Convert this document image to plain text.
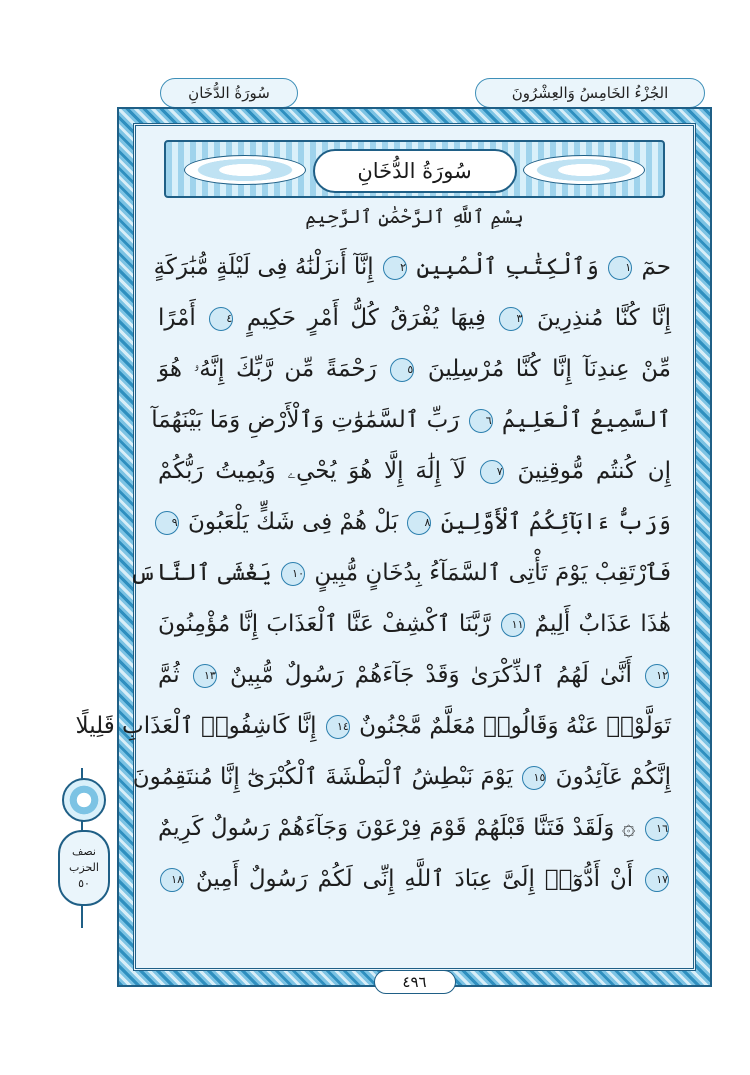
سُورَةُ الدُّخَانِ	الجُزْءُ الخَامِسُ وَالعِشْرُونَ
نصف
الحزب
٥٠
سُورَةُ الدُّخَانِ
بِسْمِ ٱللَّهِ ٱلرَّحْمَٰنِ ٱلرَّحِيمِ
حمٓ ١ وَٱلْكِتَٰبِ ٱلْمُبِينِ ٢ إِنَّآ أَنزَلْنَٰهُ فِى لَيْلَةٍ مُّبَٰرَكَةٍ
إِنَّا كُنَّا مُنذِرِينَ ٣ فِيهَا يُفْرَقُ كُلُّ أَمْرٍ حَكِيمٍ ٤ أَمْرًا
مِّنْ عِندِنَآ إِنَّا كُنَّا مُرْسِلِينَ ٥ رَحْمَةً مِّن رَّبِّكَ إِنَّهُۥ هُوَ
ٱلسَّمِيعُ ٱلْعَلِيمُ ٦ رَبِّ ٱلسَّمَٰوَٰتِ وَٱلْأَرْضِ وَمَا بَيْنَهُمَآ
إِن كُنتُم مُّوقِنِينَ ٧ لَآ إِلَٰهَ إِلَّا هُوَ يُحْىِۦ وَيُمِيتُ رَبُّكُمْ
وَرَبُّ ءَابَآئِكُمُ ٱلْأَوَّلِينَ ٨ بَلْ هُمْ فِى شَكٍّ يَلْعَبُونَ ٩
فَٱرْتَقِبْ يَوْمَ تَأْتِى ٱلسَّمَآءُ بِدُخَانٍ مُّبِينٍ ١٠ يَغْشَى ٱلنَّاسَ
هَٰذَا عَذَابٌ أَلِيمٌ ١١ رَّبَّنَا ٱكْشِفْ عَنَّا ٱلْعَذَابَ إِنَّا مُؤْمِنُونَ
١٢ أَنَّىٰ لَهُمُ ٱلذِّكْرَىٰ وَقَدْ جَآءَهُمْ رَسُولٌ مُّبِينٌ ١٣ ثُمَّ
تَوَلَّوْا۟ عَنْهُ وَقَالُوا۟ مُعَلَّمٌ مَّجْنُونٌ ١٤ إِنَّا كَاشِفُوا۟ ٱلْعَذَابِ قَلِيلًا
إِنَّكُمْ عَآئِدُونَ ١٥ يَوْمَ نَبْطِشُ ٱلْبَطْشَةَ ٱلْكُبْرَىٰٓ إِنَّا مُنتَقِمُونَ
١٦ ۞ وَلَقَدْ فَتَنَّا قَبْلَهُمْ قَوْمَ فِرْعَوْنَ وَجَآءَهُمْ رَسُولٌ كَرِيمٌ
١٧ أَنْ أَدُّوٓا۟ إِلَىَّ عِبَادَ ٱللَّهِ إِنِّى لَكُمْ رَسُولٌ أَمِينٌ ١٨
٤٩٦
